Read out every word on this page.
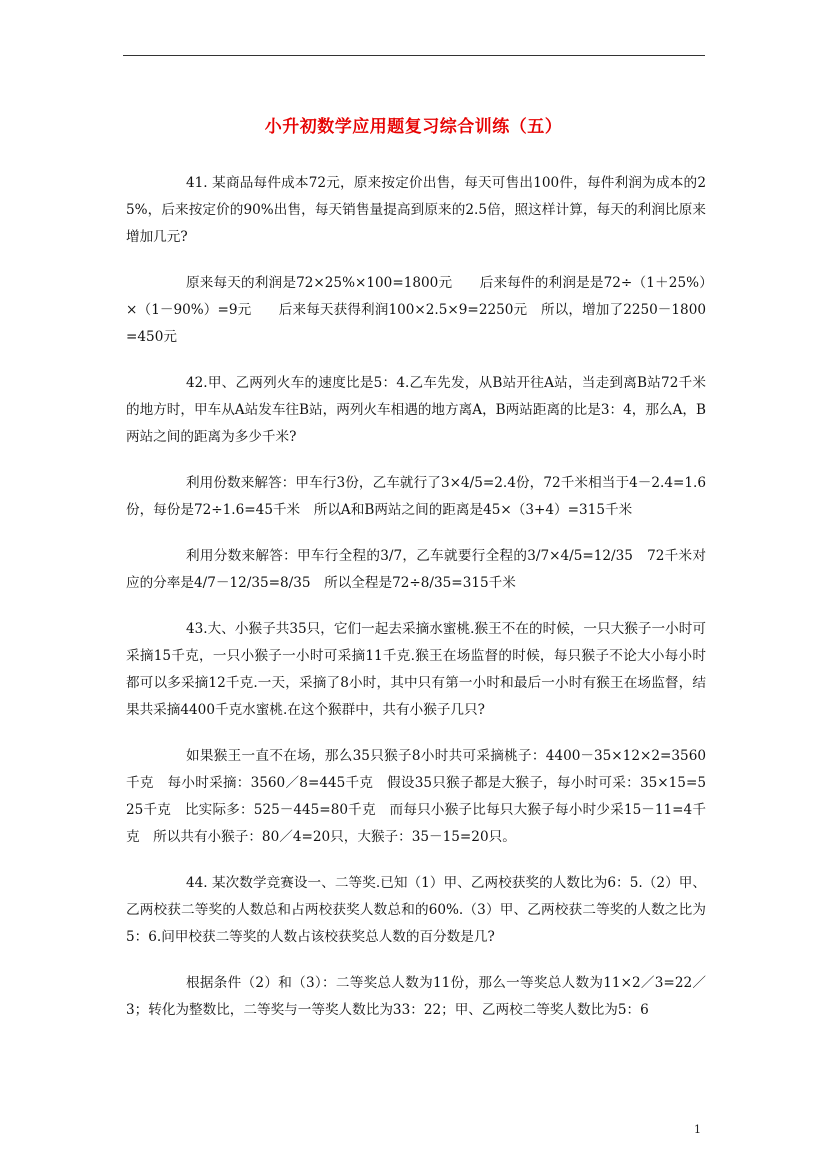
小升初数学应用题复习综合训练（五）

41. 某商品每件成本72元，原来按定价出售，每天可售出100件，每件利润为成本的25%，后来按定价的90%出售，每天销售量提高到原来的2.5倍，照这样计算，每天的利润比原来增加几元?

原来每天的利润是72×25%×100=1800元　　后来每件的利润是是72÷（1＋25%）×（1－90%）=9元　　后来每天获得利润100×2.5×9=2250元　所以，增加了2250－1800=450元

42.甲、乙两列火车的速度比是5：4.乙车先发，从B站开往A站，当走到离B站72千米的地方时，甲车从A站发车往B站，两列火车相遇的地方离A，B两站距离的比是3：4，那么A，B两站之间的距离为多少千米?

利用份数来解答：甲车行3份，乙车就行了3×4/5=2.4份，72千米相当于4－2.4=1.6份，每份是72÷1.6=45千米　所以A和B两站之间的距离是45×（3+4）=315千米

利用分数来解答：甲车行全程的3/7，乙车就要行全程的3/7×4/5=12/35　72千米对应的分率是4/7－12/35=8/35　所以全程是72÷8/35=315千米

43.大、小猴子共35只，它们一起去采摘水蜜桃.猴王不在的时候，一只大猴子一小时可采摘15千克，一只小猴子一小时可采摘11千克.猴王在场监督的时候，每只猴子不论大小每小时都可以多采摘12千克.一天，采摘了8小时，其中只有第一小时和最后一小时有猴王在场监督，结果共采摘4400千克水蜜桃.在这个猴群中，共有小猴子几只?

如果猴王一直不在场，那么35只猴子8小时共可采摘桃子：4400－35×12×2=3560千克　每小时采摘：3560／8=445千克　假设35只猴子都是大猴子，每小时可采：35×15=525千克　比实际多：525－445=80千克　而每只小猴子比每只大猴子每小时少采15－11=4千克　所以共有小猴子：80／4=20只，大猴子：35－15=20只。

44. 某次数学竞赛设一、二等奖.已知（1）甲、乙两校获奖的人数比为6：5.（2）甲、乙两校获二等奖的人数总和占两校获奖人数总和的60%.（3）甲、乙两校获二等奖的人数之比为5：6.问甲校获二等奖的人数占该校获奖总人数的百分数是几?

根据条件（2）和（3）：二等奖总人数为11份，那么一等奖总人数为11×2／3=22／3；转化为整数比，二等奖与一等奖人数比为33：22；甲、乙两校二等奖人数比为5：6

1
